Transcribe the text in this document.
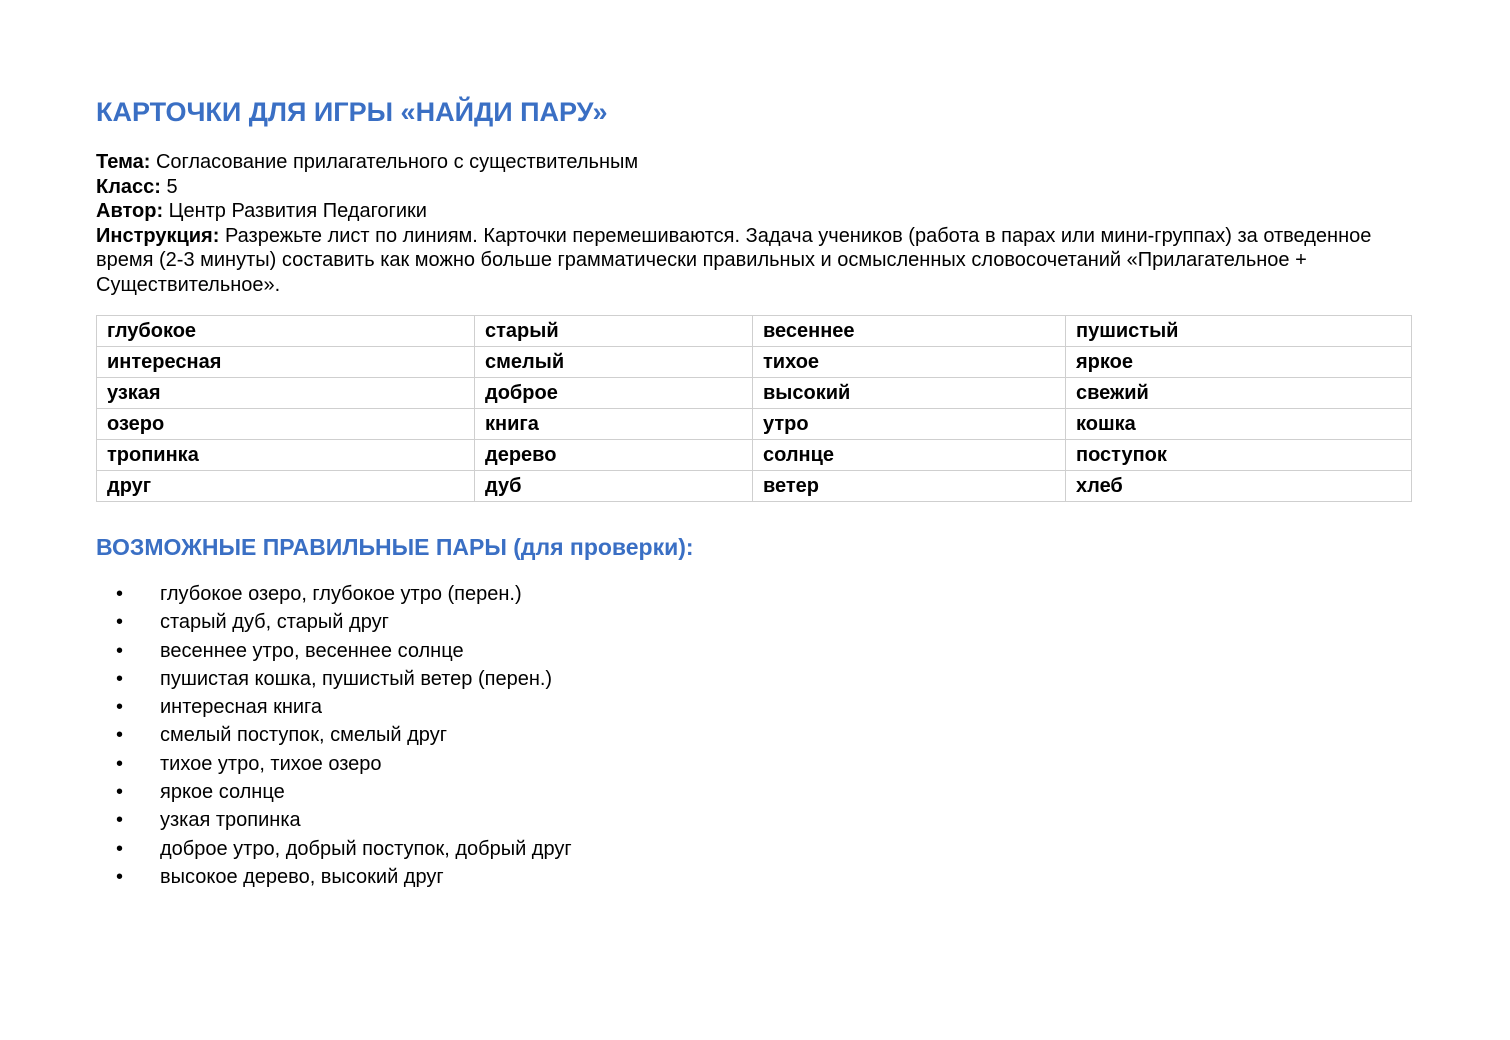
КАРТОЧКИ ДЛЯ ИГРЫ «НАЙДИ ПАРУ»

Тема: Согласование прилагательного с существительным

Класс: 5

Автор: Центр Развития Педагогики

Инструкция: Разрежьте лист по линиям. Карточки перемешиваются. Задача учеников (работа в парах или мини-группах) за отведенное время (2-3 минуты) составить как можно больше грамматически правильных и осмысленных словосочетаний «Прилагательное + Существительное».

глубокое	старый	весеннее	пушистый
интересная	смелый	тихое	яркое
узкая	доброе	высокий	свежий
озеро	книга	утро	кошка
тропинка	дерево	солнце	поступок
друг	дуб	ветер	хлеб
ВОЗМОЖНЫЕ ПРАВИЛЬНЫЕ ПАРЫ (для проверки):
• глубокое озеро, глубокое утро (перен.)
• старый дуб, старый друг
• весеннее утро, весеннее солнце
• пушистая кошка, пушистый ветер (перен.)
• интересная книга
• смелый поступок, смелый друг
• тихое утро, тихое озеро
• яркое солнце
• узкая тропинка
• доброе утро, добрый поступок, добрый друг
• высокое дерево, высокий друг
